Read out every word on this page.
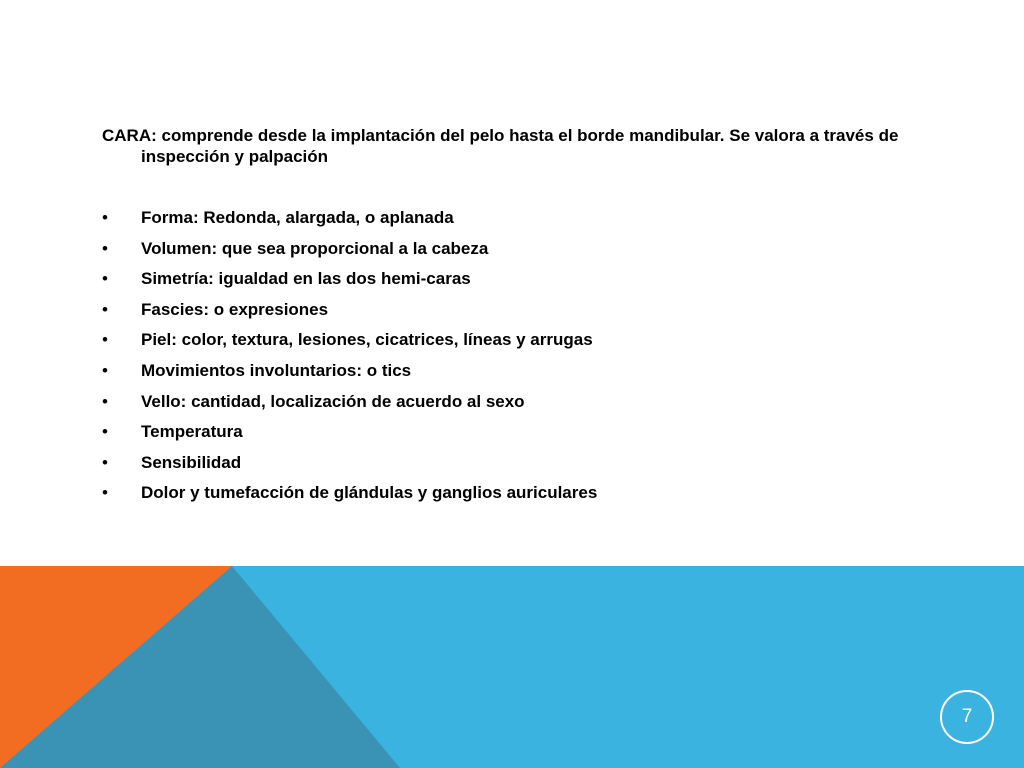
CARA: comprende desde la implantación del pelo hasta el borde mandibular. Se valora a través de inspección y palpación

•	Forma: Redonda, alargada, o aplanada
•	Volumen: que sea proporcional a la cabeza
•	Simetría: igualdad en las dos hemi-caras
•	Fascies: o expresiones
•	Piel: color, textura, lesiones, cicatrices, líneas y arrugas
•	Movimientos involuntarios: o tics
•	Vello: cantidad, localización de acuerdo al sexo
•	Temperatura
•	Sensibilidad
•	Dolor y tumefacción de glándulas y ganglios auriculares
7
